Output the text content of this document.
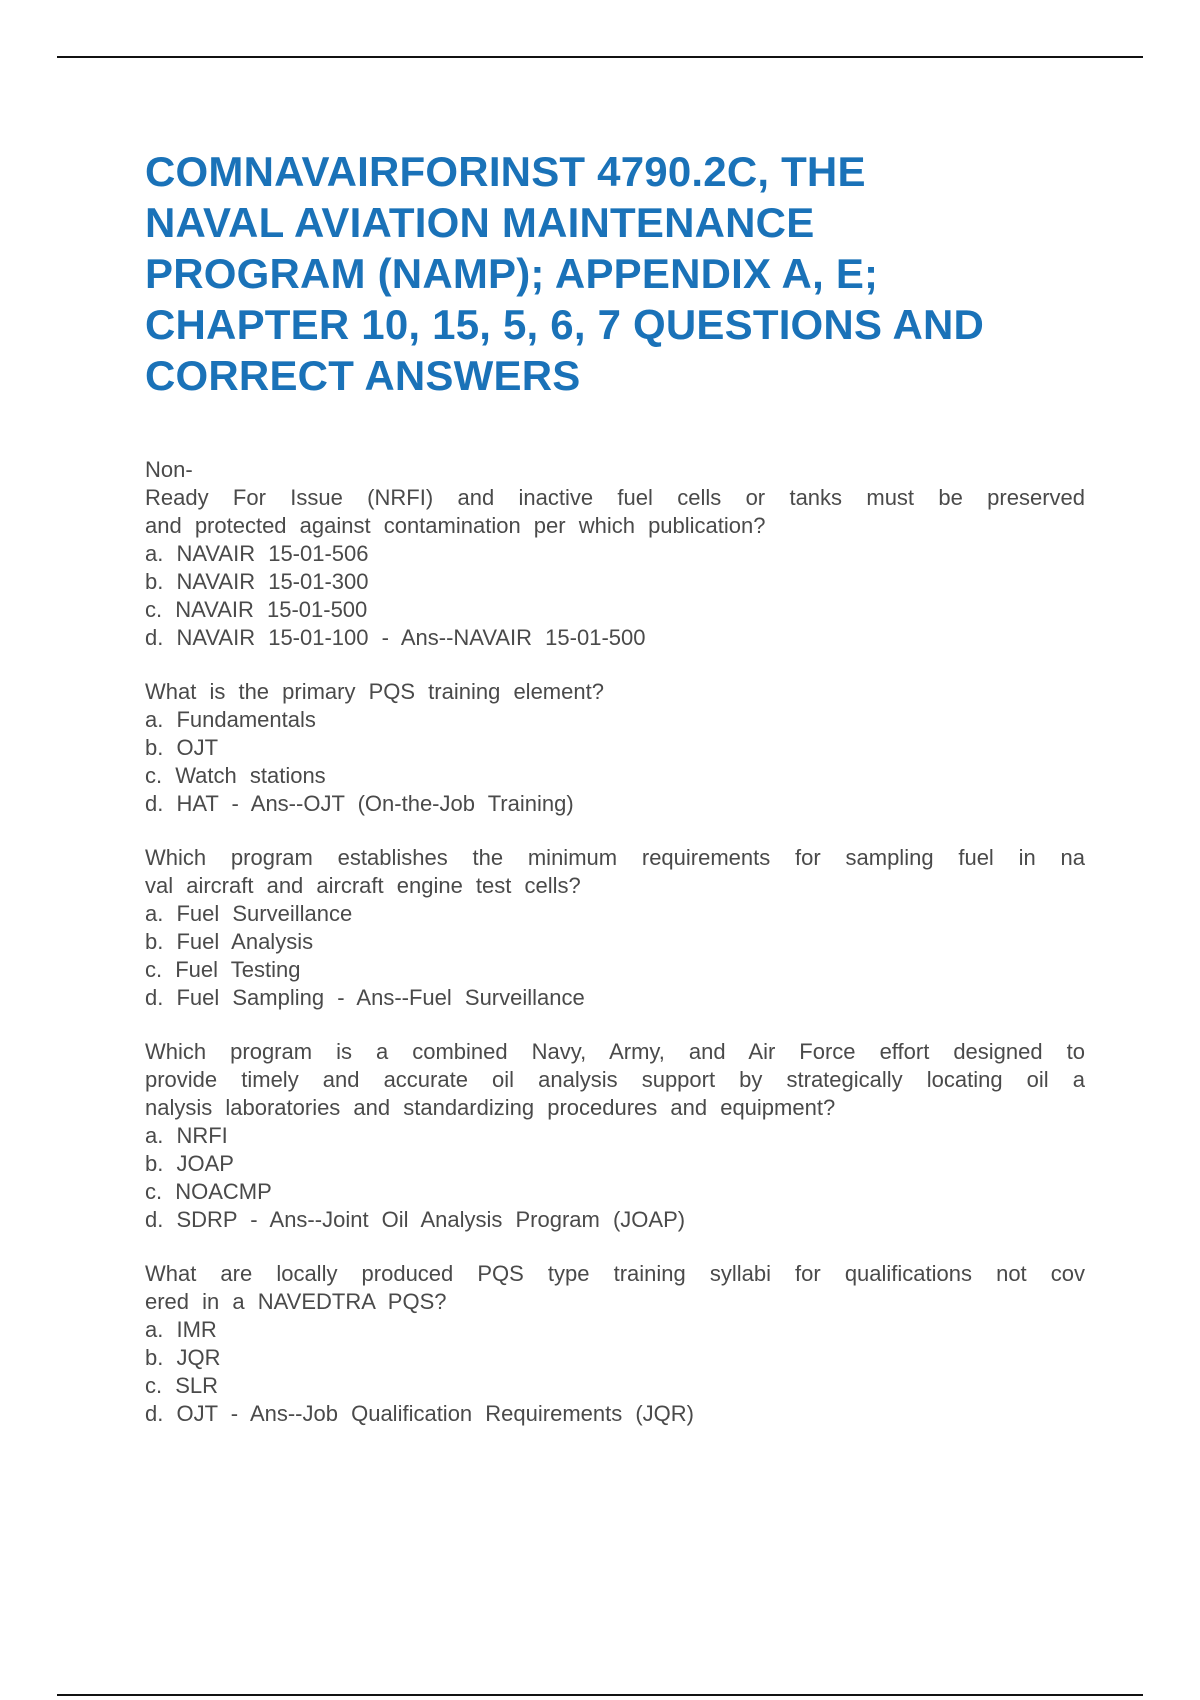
COMNAVAIRFORINST 4790.2C, THE
NAVAL AVIATION MAINTENANCE
PROGRAM (NAMP); APPENDIX A, E;
CHAPTER 10, 15, 5, 6, 7 QUESTIONS AND
CORRECT ANSWERS
Non-
Ready For Issue (NRFI) and inactive fuel cells or tanks must be preserved
and protected against contamination per which publication?
a. NAVAIR 15-01-506
b. NAVAIR 15-01-300
c. NAVAIR 15-01-500
d. NAVAIR 15-01-100 - Ans--NAVAIR 15-01-500
What is the primary PQS training element?
a. Fundamentals
b. OJT
c. Watch stations
d. HAT - Ans--OJT (On-the-Job Training)
Which program establishes the minimum requirements for sampling fuel in na
val aircraft and aircraft engine test cells?
a. Fuel Surveillance
b. Fuel Analysis
c. Fuel Testing
d. Fuel Sampling - Ans--Fuel Surveillance
Which program is a combined Navy, Army, and Air Force effort designed to
provide timely and accurate oil analysis support by strategically locating oil a
nalysis laboratories and standardizing procedures and equipment?
a. NRFI
b. JOAP
c. NOACMP
d. SDRP - Ans--Joint Oil Analysis Program (JOAP)
What are locally produced PQS type training syllabi for qualifications not cov
ered in a NAVEDTRA PQS?
a. IMR
b. JQR
c. SLR
d. OJT - Ans--Job Qualification Requirements (JQR)
